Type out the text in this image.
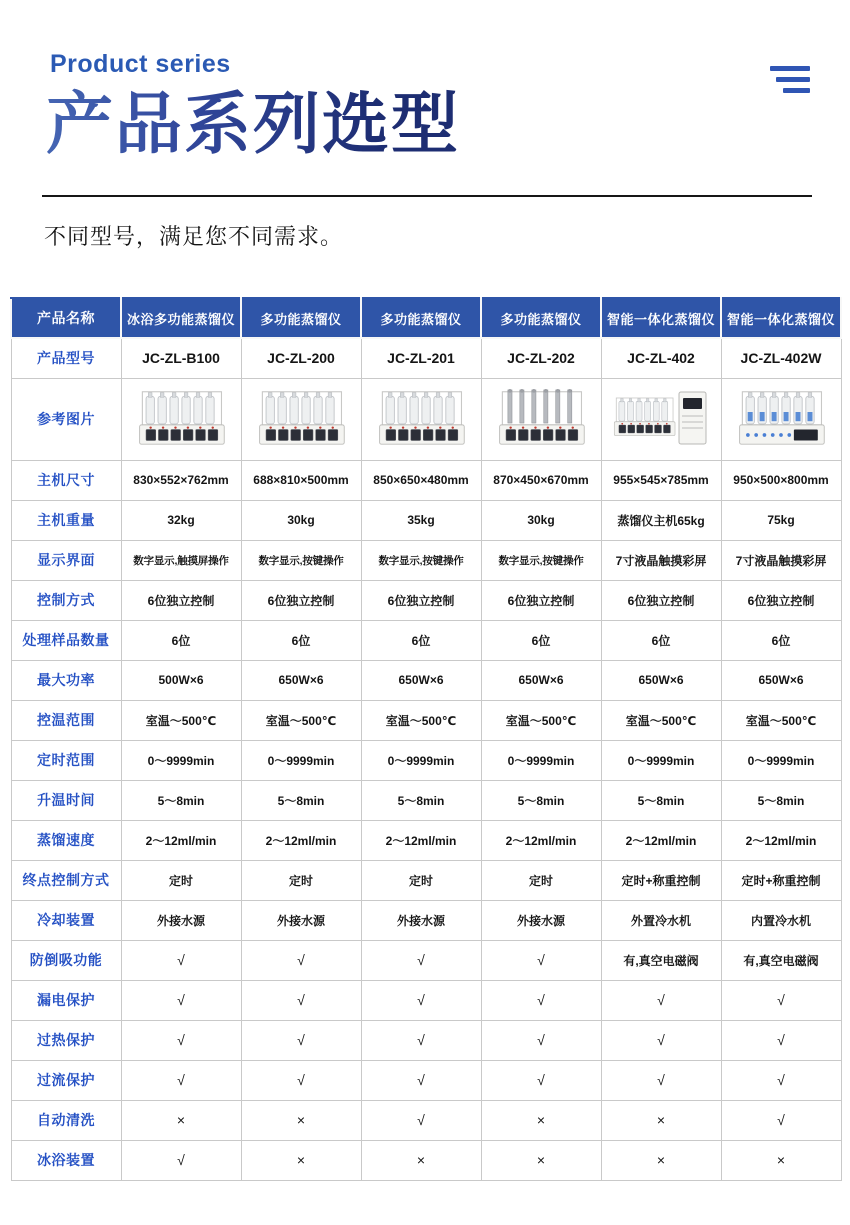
Product series
产品系列选型
不同型号，满足您不同需求。
产品名称	冰浴多功能蒸馏仪	多功能蒸馏仪	多功能蒸馏仪	多功能蒸馏仪	智能一体化蒸馏仪	智能一体化蒸馏仪
产品型号	JC-ZL-B100	JC-ZL-200	JC-ZL-201	JC-ZL-202	JC-ZL-402	JC-ZL-402W
参考图片	

主机尺寸	830×552×762mm	688×810×500mm	850×650×480mm	870×450×670mm	955×545×785mm	950×500×800mm
主机重量	32kg	30kg	35kg	30kg	蒸馏仪主机65kg	75kg
显示界面	数字显示,触摸屏操作	数字显示,按键操作	数字显示,按键操作	数字显示,按键操作	7寸液晶触摸彩屏	7寸液晶触摸彩屏
控制方式	6位独立控制	6位独立控制	6位独立控制	6位独立控制	6位独立控制	6位独立控制
处理样品数量	6位	6位	6位	6位	6位	6位
最大功率	500W×6	650W×6	650W×6	650W×6	650W×6	650W×6
控温范围	室温～500℃	室温～500℃	室温～500℃	室温～500℃	室温～500℃	室温～500℃
定时范围	0～9999min	0～9999min	0～9999min	0～9999min	0～9999min	0～9999min
升温时间	5～8min	5～8min	5～8min	5～8min	5～8min	5～8min
蒸馏速度	2～12ml/min	2～12ml/min	2～12ml/min	2～12ml/min	2～12ml/min	2～12ml/min
终点控制方式	定时	定时	定时	定时	定时+称重控制	定时+称重控制
冷却装置	外接水源	外接水源	外接水源	外接水源	外置冷水机	内置冷水机
防倒吸功能	√	√	√	√	有,真空电磁阀	有,真空电磁阀
漏电保护	√	√	√	√	√	√
过热保护	√	√	√	√	√	√
过流保护	√	√	√	√	√	√
自动清洗	×	×	√	×	×	√
冰浴装置	√	×	×	×	×	×
